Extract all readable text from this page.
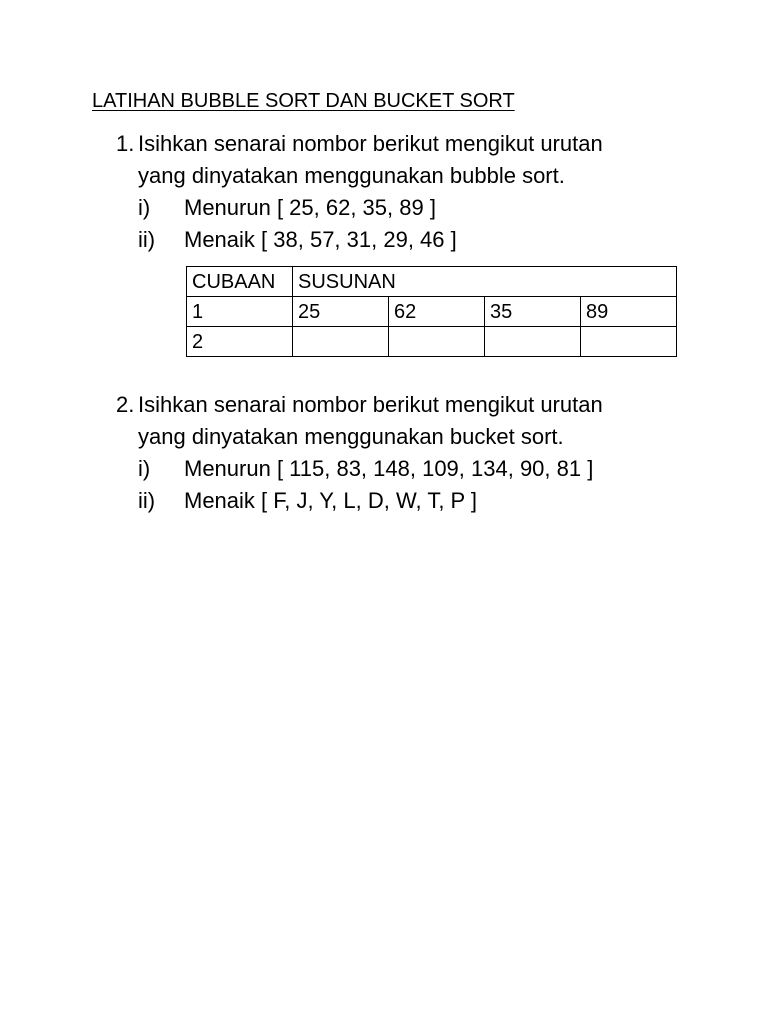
LATIHAN BUBBLE SORT DAN BUCKET SORT
1. Isihkan senarai nombor berikut mengikut urutan
yang dinyatakan menggunakan bubble sort.
i) Menurun [ 25, 62, 35, 89 ]
ii) Menaik [ 38, 57, 31, 29, 46 ]
CUBAAN	SUSUNAN			
1	25	62	35	89
2				
2. Isihkan senarai nombor berikut mengikut urutan
yang dinyatakan menggunakan bucket sort.
i) Menurun [ 115, 83, 148, 109, 134, 90, 81 ]
ii) Menaik [ F, J, Y, L, D, W, T, P ]
